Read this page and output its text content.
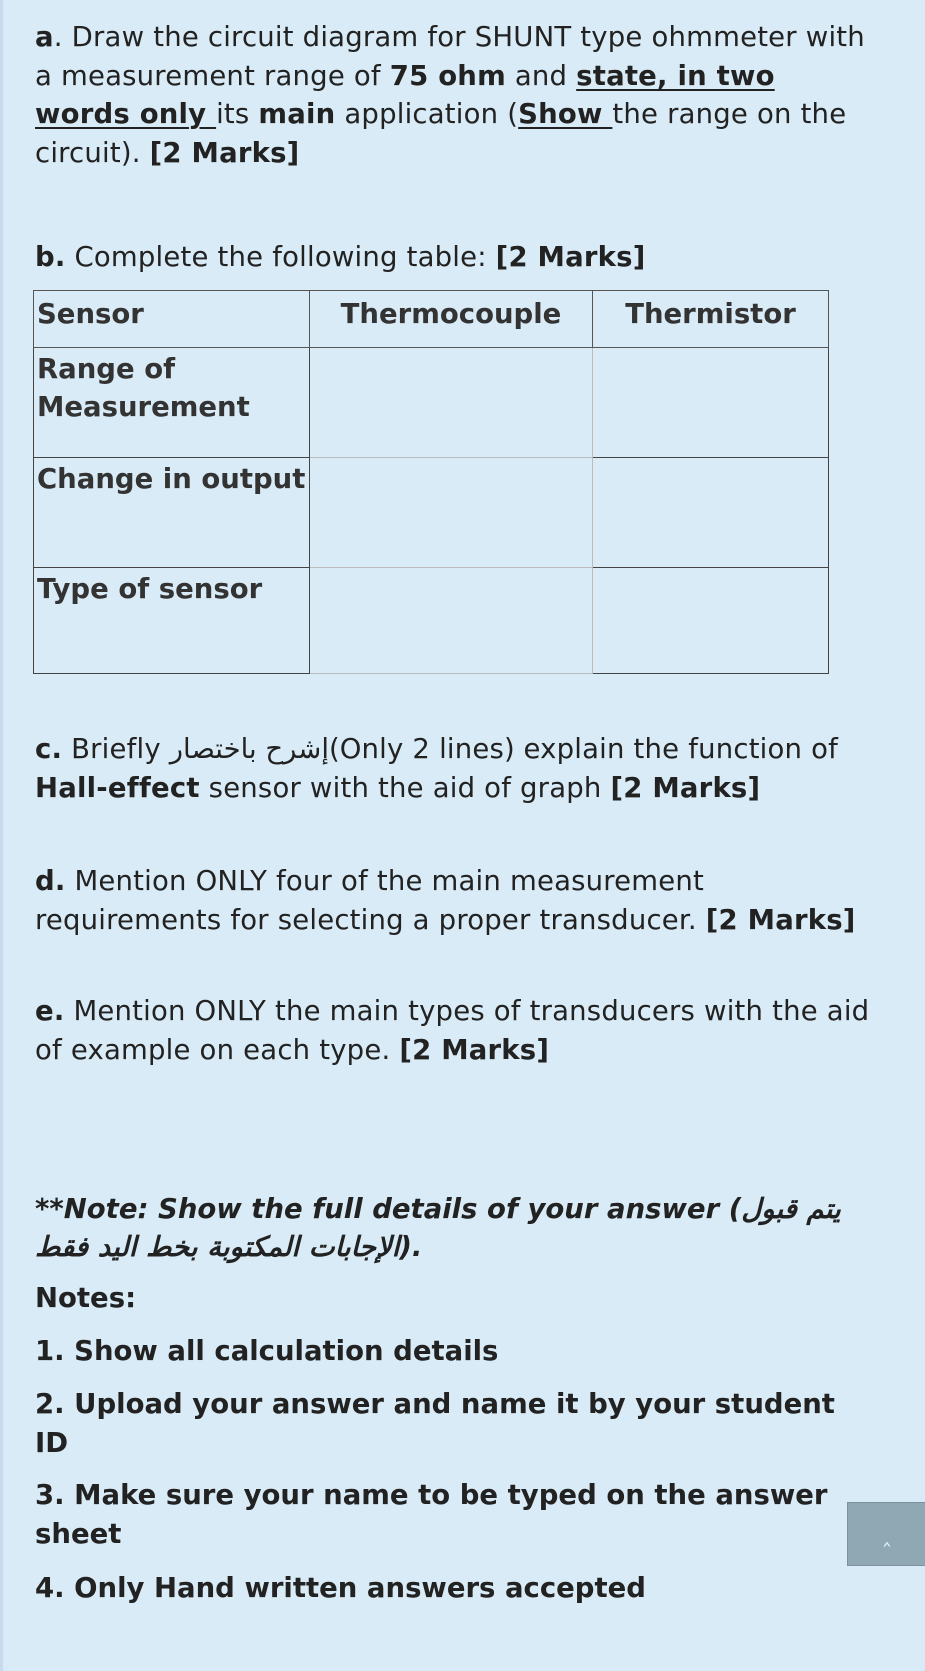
a. Draw the circuit diagram for SHUNT type ohmmeter with a measurement range of 75 ohm and state, in two words only its main application (Show the range on the circuit). [2 Marks]
b. Complete the following table: [2 Marks]
Sensor	Thermocouple	Thermistor
Range of Measurement		
Change in output		
Type of sensor		
c. Briefly إشرح باختصار(Only 2 lines) explain the function of Hall-effect sensor with the aid of graph [2 Marks]
d. Mention ONLY four of the main measurement requirements for selecting a proper transducer. [2 Marks]
e. Mention ONLY the main types of transducers with the aid of example on each type. [2 Marks]
**Note: Show the full details of your answer (يتم قبول الإجابات المكتوبة بخط اليد فقط).
Notes:
1. Show all calculation details
2. Upload your answer and name it by your student ID
3. Make sure your name to be typed on the answer sheet
4. Only Hand written answers accepted
‸
